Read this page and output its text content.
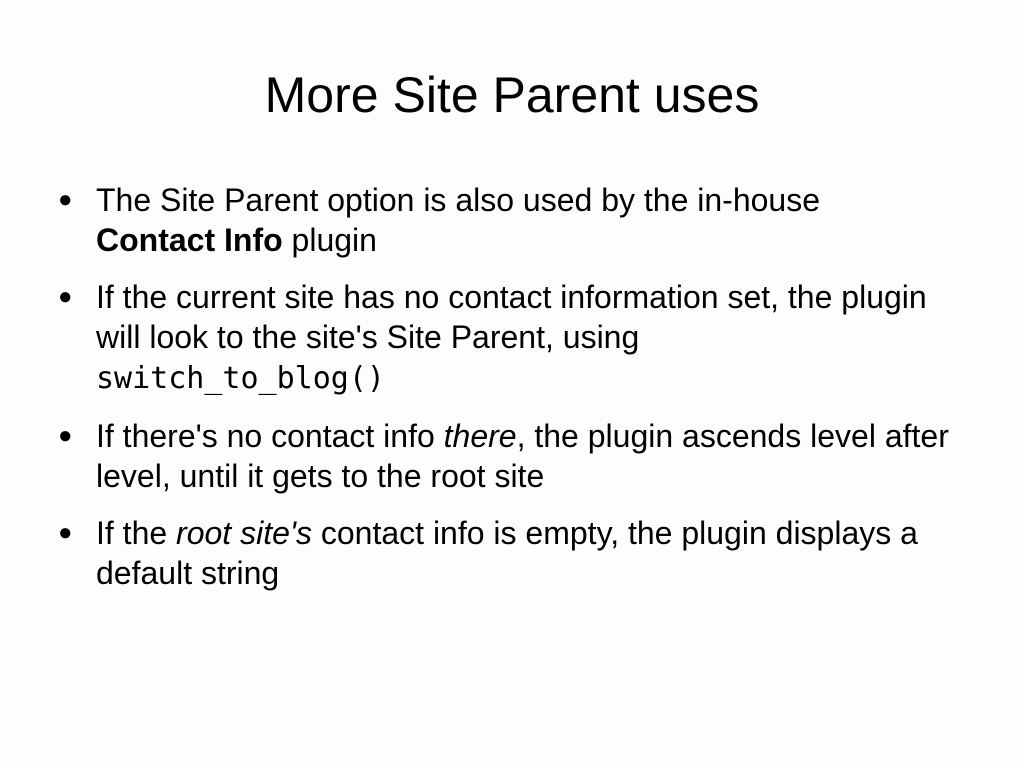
More Site Parent uses
● The Site Parent option is also used by the in-house
Contact Info plugin
● If the current site has no contact information set, the plugin will look to the site's Site Parent, using
switch_to_blog()
● If there's no contact info there, the plugin ascends level after level, until it gets to the root site
● If the root site's contact info is empty, the plugin displays a default string
